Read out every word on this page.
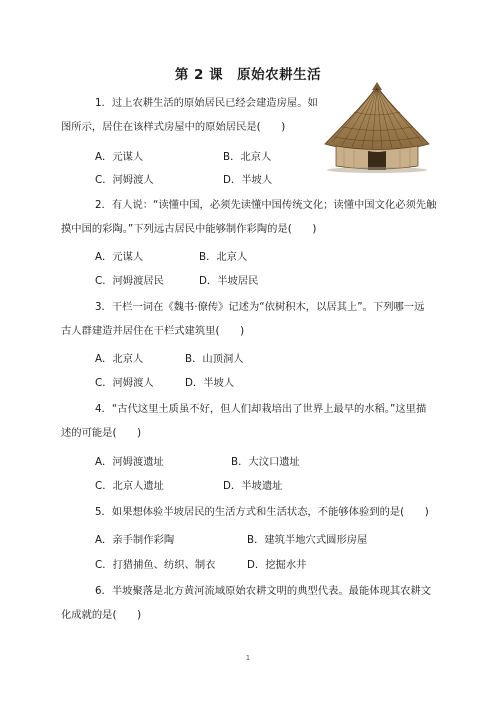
第 2 课　原始农耕生活
1．过上农耕生活的原始居民已经会建造房屋。如
图所示，居住在该样式房屋中的原始居民是(　　)
A．元谋人	B．北京人
C．河姆渡人	D．半坡人
2．有人说：“读懂中国，必须先读懂中国传统文化；读懂中国文化必须先触
摸中国的彩陶。”下列远古居民中能够制作彩陶的是(　　)
A．元谋人	B．北京人
C．河姆渡居民	D．半坡居民
3．干栏一词在《魏书·僚传》记述为“依树积木，以居其上”。下列哪一远
古人群建造并居住在干栏式建筑里(　　)
A．北京人	B．山顶洞人
C．河姆渡人	D．半坡人
4．“古代这里土质虽不好，但人们却栽培出了世界上最早的水稻。”这里描
述的可能是(　　)
A．河姆渡遗址	B．大汶口遗址
C．北京人遗址	D．半坡遗址
5．如果想体验半坡居民的生活方式和生活状态，不能够体验到的是(　　)
A．亲手制作彩陶	B．建筑半地穴式圆形房屋
C．打猎捕鱼、纺织、制衣	D．挖掘水井
6．半坡聚落是北方黄河流域原始农耕文明的典型代表。最能体现其农耕文
化成就的是(　　)
1
